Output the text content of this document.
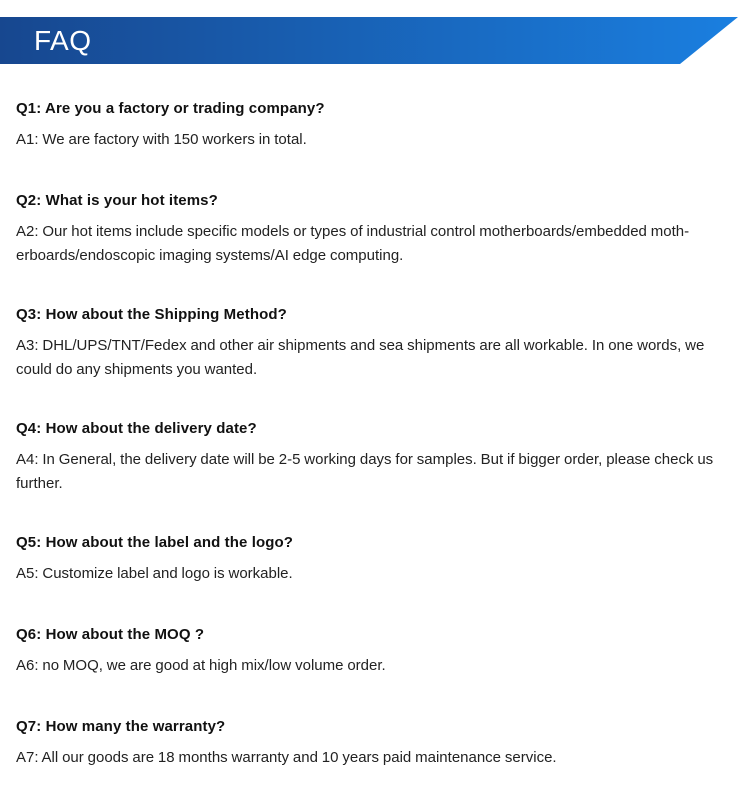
FAQ
Q1: Are you a factory or trading company?
A1: We are factory with 150 workers in total.
Q2: What is your hot items?
A2: Our hot items include specific models or types of industrial control motherboards/embedded moth-erboards/endoscopic imaging systems/AI edge computing.
Q3: How about the Shipping Method?
A3: DHL/UPS/TNT/Fedex and other air shipments and sea shipments are all workable. In one words, we could do any shipments you wanted.
Q4: How about the delivery date?
A4: In General, the delivery date will be 2-5 working days for samples. But if bigger order, please check us further.
Q5: How about the label and the logo?
A5: Customize label and logo is workable.
Q6: How about the MOQ ?
A6: no MOQ, we are good at high mix/low volume order.
Q7: How many the warranty?
A7: All our goods are 18 months warranty and 10 years paid maintenance service.
